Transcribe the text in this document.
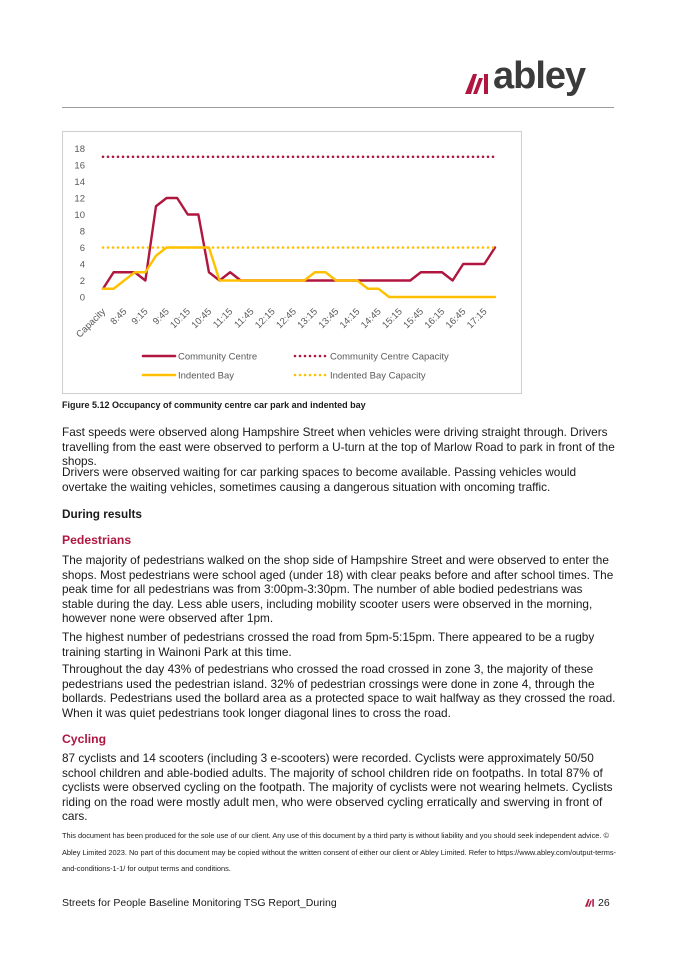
abley
0
2
4
6
8
10
12
14
16
18
Capacity 8:45 9:15 9:45
10:15
10:45
11:15
11:45
12:15
12:45
13:15
13:45
14:15
14:45
15:15
15:45
16:15
16:45
17:15
Community Centre
Indented Bay
Community Centre Capacity
Indented Bay Capacity
Figure 5.12 Occupancy of community centre car park and indented bay

Fast speeds were observed along Hampshire Street when vehicles were driving straight through. Drivers travelling from the east were observed to perform a U-turn at the top of Marlow Road to park in front of the shops.

Drivers were observed waiting for car parking spaces to become available. Passing vehicles would overtake the waiting vehicles, sometimes causing a dangerous situation with oncoming traffic.

During results
Pedestrians

The majority of pedestrians walked on the shop side of Hampshire Street and were observed to enter the shops. Most pedestrians were school aged (under 18) with clear peaks before and after school times. The peak time for all pedestrians was from 3:00pm-3:30pm. The number of able bodied pedestrians was stable during the day. Less able users, including mobility scooter users were observed in the morning, however none were observed after 1pm.

The highest number of pedestrians crossed the road from 5pm-5:15pm. There appeared to be a rugby training starting in Wainoni Park at this time.

Throughout the day 43% of pedestrians who crossed the road crossed in zone 3, the majority of these pedestrians used the pedestrian island. 32% of pedestrian crossings were done in zone 4, through the bollards. Pedestrians used the bollard area as a protected space to wait halfway as they crossed the road. When it was quiet pedestrians took longer diagonal lines to cross the road.

Cycling

87 cyclists and 14 scooters (including 3 e-scooters) were recorded. Cyclists were approximately 50/50 school children and able-bodied adults. The majority of school children ride on footpaths. In total 87% of cyclists were observed cycling on the footpath. The majority of cyclists were not wearing helmets. Cyclists riding on the road were mostly adult men, who were observed cycling erratically and swerving in front of cars.

This document has been produced for the sole use of our client. Any use of this document by a third party is without liability and you should seek independent advice. © Abley Limited 2023. No part of this document may be copied without the written consent of either our client or Abley Limited. Refer to https://www.abley.com/output-terms-and-conditions-1-1/ for output terms and conditions.

Streets for People Baseline Monitoring TSG Report_During	26
